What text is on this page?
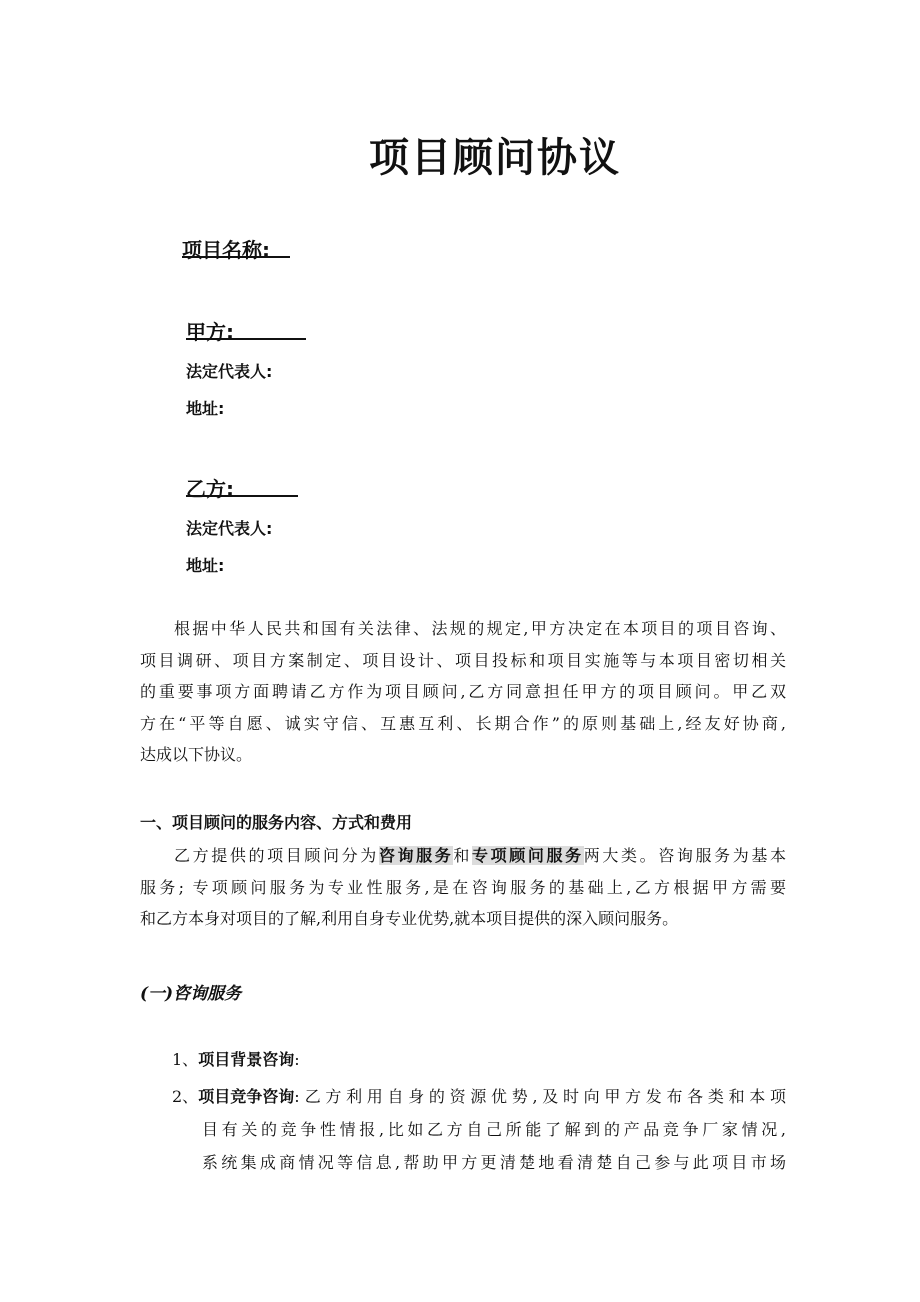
项目顾问协议
项目名称:
甲方:
法定代表人:
地址:
乙方:
法定代表人:
地址:
根据中华人民共和国有关法律、法规的规定,甲方决定在本项目的项目咨询、
项目调研、项目方案制定、项目设计、项目投标和项目实施等与本项目密切相关
的重要事项方面聘请乙方作为项目顾问,乙方同意担任甲方的项目顾问。甲乙双
方在“平等自愿、诚实守信、互惠互利、长期合作”的原则基础上,经友好协商,
达成以下协议。
一、项目顾问的服务内容、方式和费用
乙方提供的项目顾问分为咨询服务和专项顾问服务两大类。咨询服务为基本
服务; 专项顾问服务为专业性服务,是在咨询服务的基础上,乙方根据甲方需要
和乙方本身对项目的了解,利用自身专业优势,就本项目提供的深入顾问服务。
(一)咨询服务
1、项目背景咨询:
2、 项目竞争咨询 :
乙方利用自身的资源优势,及时向甲方发布各类和本项
目有关的竞争性情报,比如乙方自己所能了解到的产品竞争厂家情况,
系统集成商情况等信息,帮助甲方更清楚地看清楚自己参与此项目市场
